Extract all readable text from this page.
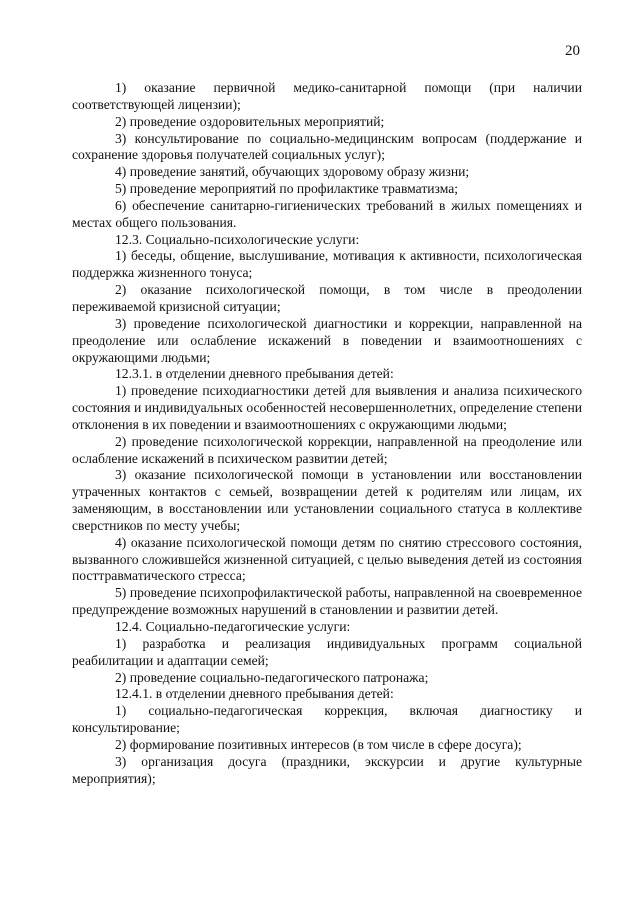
20

1) оказание первичной медико-санитарной помощи (при наличии соответствующей лицензии);

2) проведение оздоровительных мероприятий;

3) консультирование по социально-медицинским вопросам (поддержание и сохранение здоровья получателей социальных услуг);

4) проведение занятий, обучающих здоровому образу жизни;

5) проведение мероприятий по профилактике травматизма;

6) обеспечение санитарно-гигиенических требований в жилых помещениях и местах общего пользования.

12.3. Социально-психологические услуги:

1) беседы, общение, выслушивание, мотивация к активности, психологическая поддержка жизненного тонуса;

2) оказание психологической помощи, в том числе в преодолении переживаемой кризисной ситуации;

3) проведение психологической диагностики и коррекции, направленной на преодоление или ослабление искажений в поведении и взаимоотношениях с окружающими людьми;

12.3.1. в отделении дневного пребывания детей:

1) проведение психодиагностики детей для выявления и анализа психического состояния и индивидуальных особенностей несовершеннолетних, определение степени отклонения в их поведении и взаимоотношениях с окружающими людьми;

2) проведение психологической коррекции, направленной на преодоление или ослабление искажений в психическом развитии детей;

3) оказание психологической помощи в установлении или восстановлении утраченных контактов с семьей, возвращении детей к родителям или лицам, их заменяющим, в восстановлении или установлении социального статуса в коллективе сверстников по месту учебы;

4) оказание психологической помощи детям по снятию стрессового состояния, вызванного сложившейся жизненной ситуацией, с целью выведения детей из состояния посттравматического стресса;

5) проведение психопрофилактической работы, направленной на своевременное предупреждение возможных нарушений в становлении и развитии детей.

12.4. Социально-педагогические услуги:

1) разработка и реализация индивидуальных программ социальной реабилитации и адаптации семей;

2) проведение социально-педагогического патронажа;

12.4.1. в отделении дневного пребывания детей:

1) социально-педагогическая коррекция, включая диагностику и консультирование;

2) формирование позитивных интересов (в том числе в сфере досуга);

3) организация досуга (праздники, экскурсии и другие культурные мероприятия);
